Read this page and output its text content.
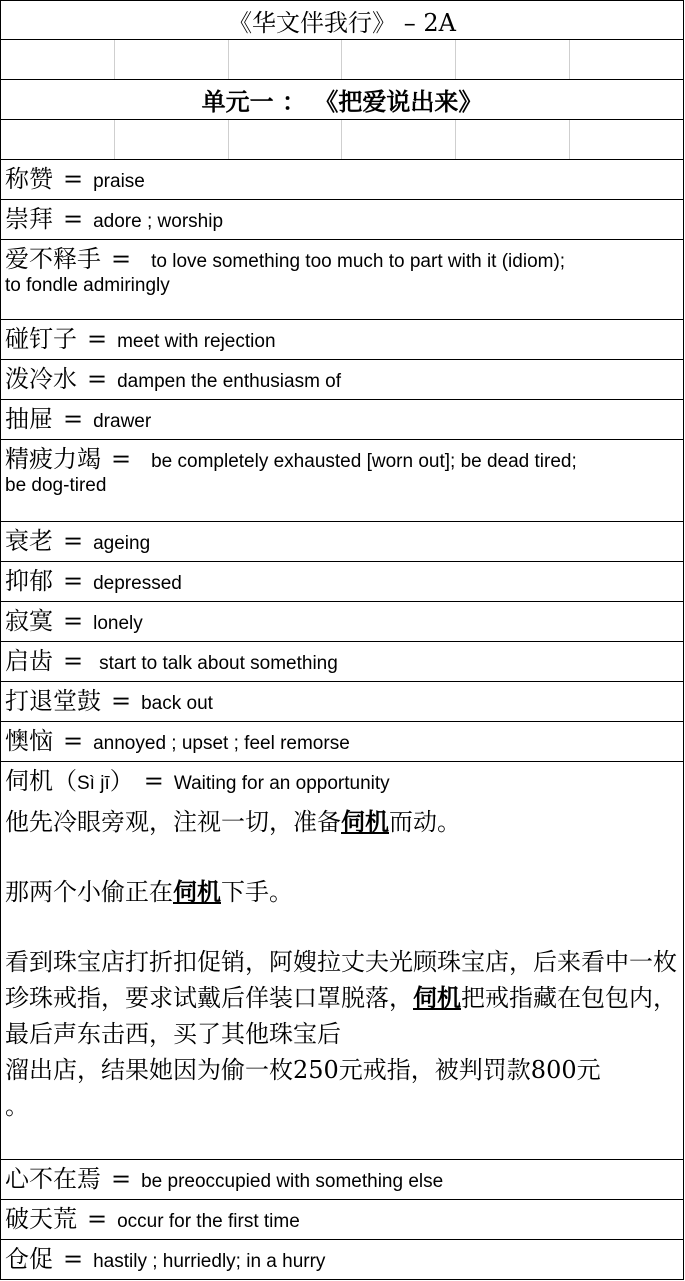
《华文伴我行》 – 2A
单元一 ： 《把爱说出来》
称赞 = praise
崇拜 = adore ; worship
爱不释手 = to love something too much to part with it (idiom);
to fondle admiringly
碰钉子 = meet with rejection
泼冷水 = dampen the enthusiasm of
抽屉 = drawer
精疲力竭 = be completely exhausted [worn out]; be dead tired;
be dog-tired
衰老 = ageing
抑郁 = depressed
寂寞 = lonely
启齿 = start to talk about something
打退堂鼓 = back out
懊恼 = annoyed ; upset ; feel remorse
伺机（Sì jī） = Waiting for an opportunity

他先冷眼旁观，注视一切，准备伺机而动。

那两个小偷正在伺机下手。

看到珠宝店打折扣促销，阿嫂拉丈夫光顾珠宝店，后来看中一枚珍珠戒指，要求试戴后佯装口罩脱落，伺机把戒指藏在包包内，最后声东击西，买了其他珠宝后
溜出店，结果她因为偷一枚250元戒指，被判罚款800元
。

心不在焉 = be preoccupied with something else
破天荒 = occur for the first time
仓促 = hastily ; hurriedly; in a hurry
